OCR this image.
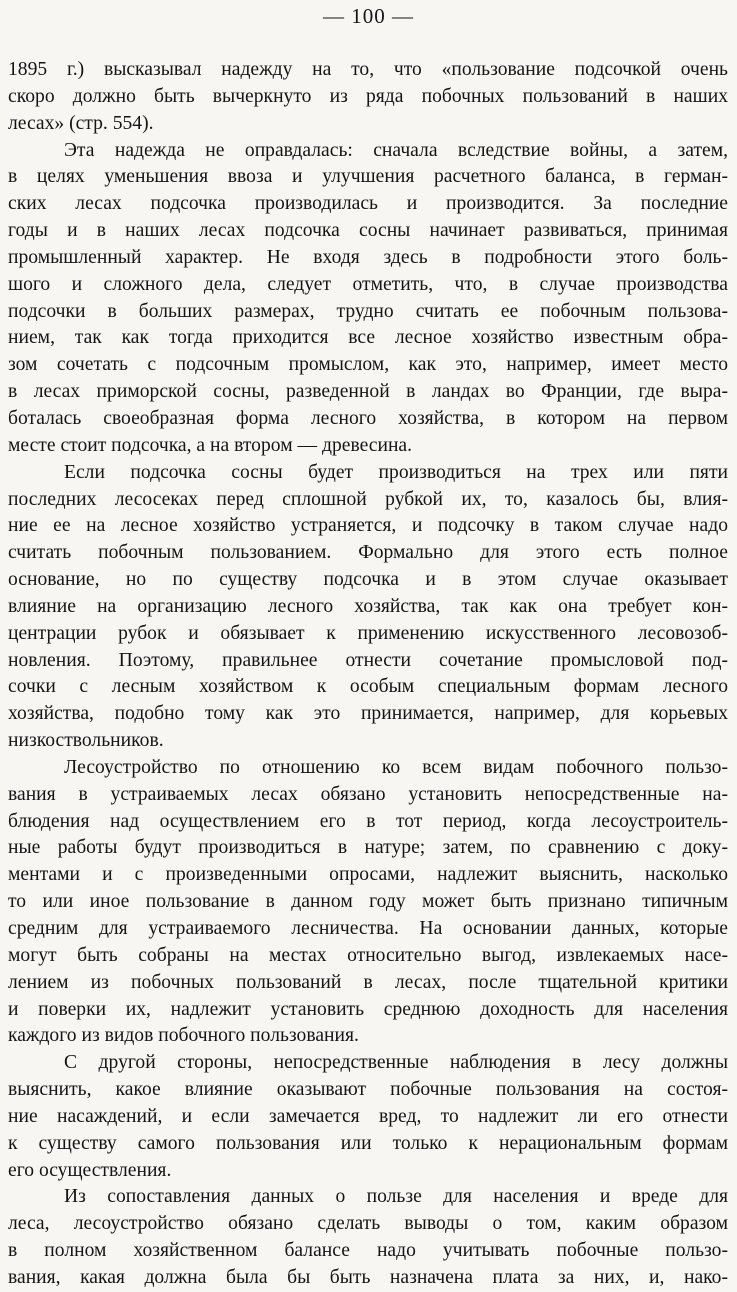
— 100 —
1895 г.) высказывал надежду на то, что «пользование подсочкой очень
скоро должно быть вычеркнуто из ряда побочных пользований в наших
лесах» (стр. 554).
Эта надежда не оправдалась: сначала вследствие войны, а затем,
в целях уменьшения ввоза и улучшения расчетного баланса, в герман-
ских лесах подсочка производилась и производится. За последние
годы и в наших лесах подсочка сосны начинает развиваться, принимая
промышленный характер. Не входя здесь в подробности этого боль-
шого и сложного дела, следует отметить, что, в случае производства
подсочки в больших размерах, трудно считать ее побочным пользова-
нием, так как тогда приходится все лесное хозяйство известным обра-
зом сочетать с подсочным промыслом, как это, например, имеет место
в лесах приморской сосны, разведенной в ландах во Франции, где выра-
боталась своеобразная форма лесного хозяйства, в котором на первом
месте стоит подсочка, а на втором — древесина.
Если подсочка сосны будет производиться на трех или пяти
последних лесосеках перед сплошной рубкой их, то, казалось бы, влия-
ние ее на лесное хозяйство устраняется, и подсочку в таком случае надо
считать побочным пользованием. Формально для этого есть полное
основание, но по существу подсочка и в этом случае оказывает
влияние на организацию лесного хозяйства, так как она требует кон-
центрации рубок и обязывает к применению искусственного лесовозоб-
новления. Поэтому, правильнее отнести сочетание промысловой под-
сочки с лесным хозяйством к особым специальным формам лесного
хозяйства, подобно тому как это принимается, например, для корьевых
низкоствольников.
Лесоустройство по отношению ко всем видам побочного пользо-
вания в устраиваемых лесах обязано установить непосредственные на-
блюдения над осуществлением его в тот период, когда лесоустроитель-
ные работы будут производиться в натуре; затем, по сравнению с доку-
ментами и с произведенными опросами, надлежит выяснить, насколько
то или иное пользование в данном году может быть признано типичным
средним для устраиваемого лесничества. На основании данных, которые
могут быть собраны на местах относительно выгод, извлекаемых насе-
лением из побочных пользований в лесах, после тщательной критики
и поверки их, надлежит установить среднюю доходность для населения
каждого из видов побочного пользования.
С другой стороны, непосредственные наблюдения в лесу должны
выяснить, какое влияние оказывают побочные пользования на состоя-
ние насаждений, и если замечается вред, то надлежит ли его отнести
к существу самого пользования или только к нерациональным формам
его осуществления.
Из сопоставления данных о пользе для населения и вреде для
леса, лесоустройство обязано сделать выводы о том, каким образом
в полном хозяйственном балансе надо учитывать побочные пользо-
вания, какая должна была бы быть назначена плата за них, и, нако-
